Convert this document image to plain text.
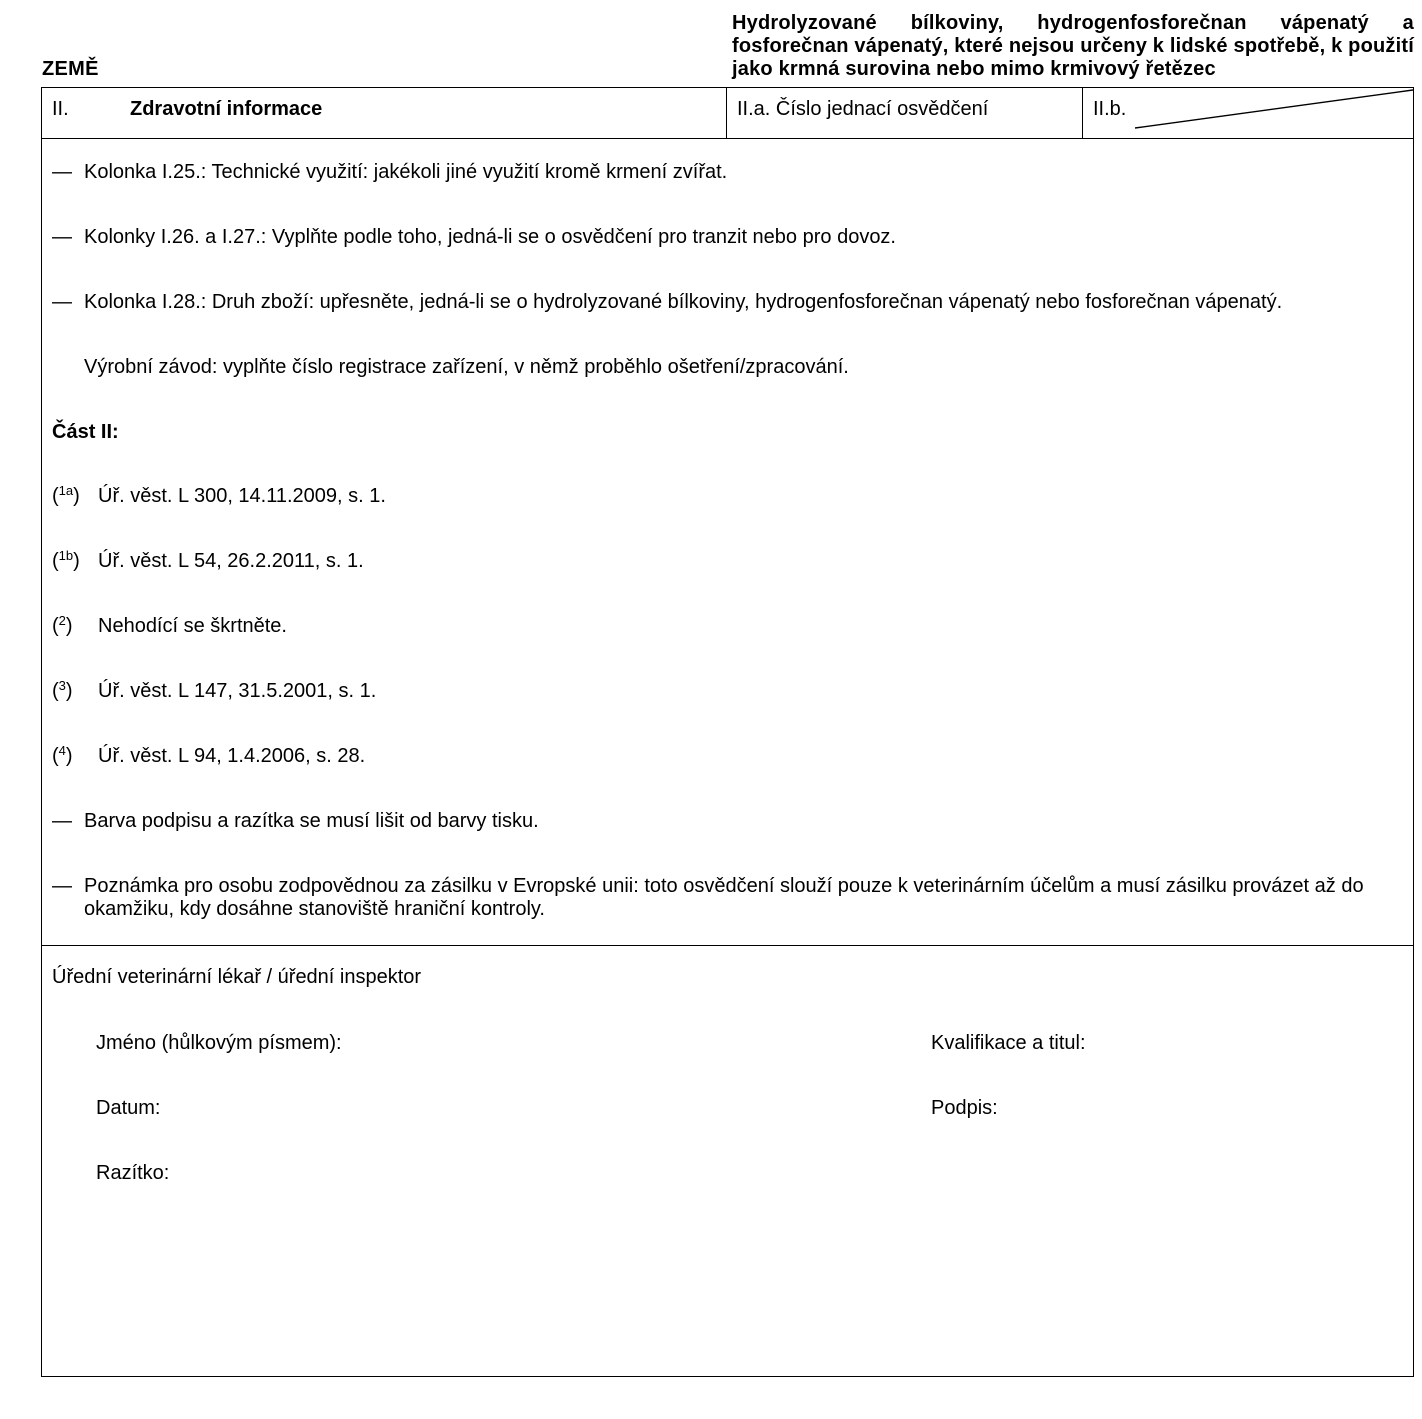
ZEMĚ
Hydrolyzované bílkoviny, hydrogenfosforečnan vápenatý a fosforečnan vápenatý, které nejsou určeny k lidské spotřebě, k použití jako krmná surovina nebo mimo krmivový řetězec
II.	Zdravotní informace	II.a. Číslo jednací osvědčení	II.b.
— Kolonka I.25.: Technické využití: jakékoli jiné využití kromě krmení zvířat.
— Kolonky I.26. a I.27.: Vyplňte podle toho, jedná-li se o osvědčení pro tranzit nebo pro dovoz.
— Kolonka I.28.: Druh zboží: upřesněte, jedná-li se o hydrolyzované bílkoviny, hydrogenfosforečnan vápenatý nebo fosforečnan vápenatý.
Výrobní závod: vyplňte číslo registrace zařízení, v němž proběhlo ošetření/zpracování.
Část II:
($^{1a}$) Úř. věst. L 300, 14.11.2009, s. 1.
($^{1b}$) Úř. věst. L 54, 26.2.2011, s. 1.
($^2$) Nehodící se škrtněte.
($^3$) Úř. věst. L 147, 31.5.2001, s. 1.
($^4$) Úř. věst. L 94, 1.4.2006, s. 28.
— Barva podpisu a razítka se musí lišit od barvy tisku.
— Poznámka pro osobu zodpovědnou za zásilku v Evropské unii: toto osvědčení slouží pouze k veterinárním účelům a musí zásilku provázet až do
okamžiku, kdy dosáhne stanoviště hraniční kontroly.
Úřední veterinární lékař / úřední inspektor
Jméno (hůlkovým písmem):	Kvalifikace a titul:
Datum:	Podpis:
Razítko:
